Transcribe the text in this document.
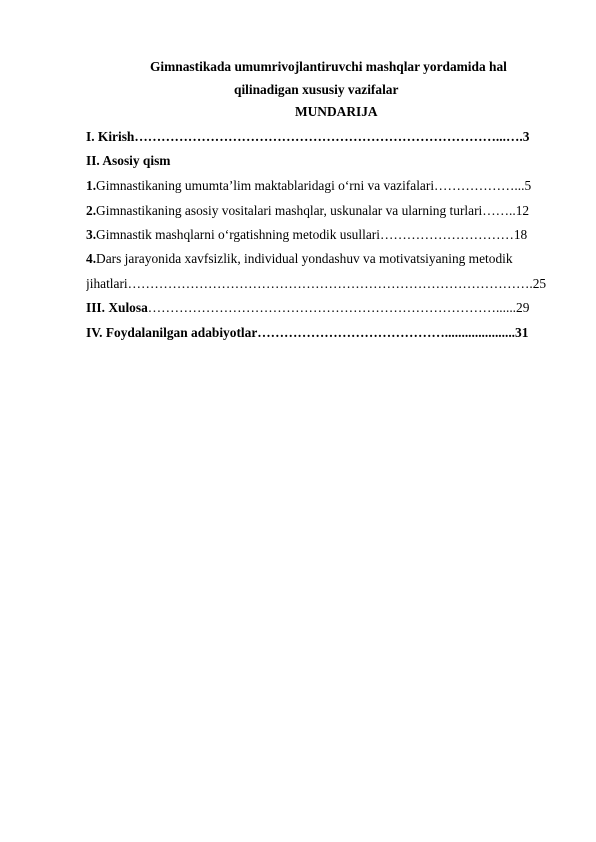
Gimnastikada umumrivojlantiruvchi mashqlar yordamida hal
qilinadigan xususiy vazifalar
MUNDARIJA
I. Kirish………………………………………………………………………...….3
II. Asosiy qism
1.Gimnastikaning umumta’lim maktablaridagi o‘rni va vazifalari………………...5
2.Gimnastikaning asosiy vositalari mashqlar, uskunalar va ularning turlari……..12
3.Gimnastik mashqlarni o‘rgatishning metodik usullari…………………………18
4.Dars jarayonida xavfsizlik, individual yondashuv va motivatsiyaning metodik
jihatlari……………………………………………………………………………….25
III. Xulosa……………………………………………………………………......29
IV. Foydalanilgan adabiyotlar…………………………………….....................31
